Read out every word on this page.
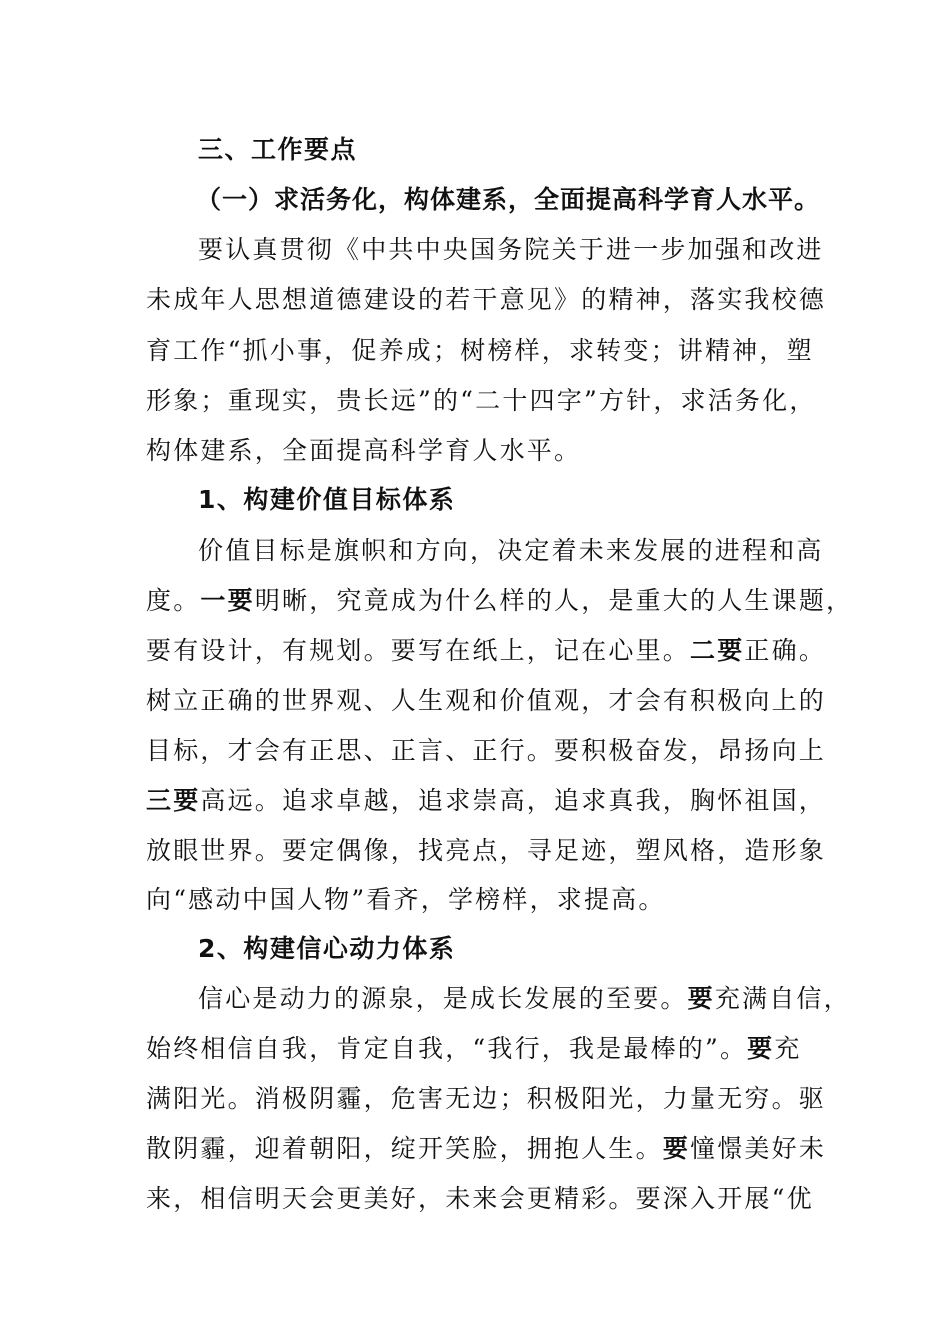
三、工作要点
（一）求活务化，构体建系，全面提高科学育人水平。
要认真贯彻《中共中央国务院关于进一步加强和改进
未成年人思想道德建设的若干意见》的精神，落实我校德
育工作“抓小事，促养成；树榜样，求转变；讲精神，塑
形象；重现实，贵长远”的“二十四字”方针，求活务化，
构体建系，全面提高科学育人水平。
1、构建价值目标体系
价值目标是旗帜和方向，决定着未来发展的进程和高
度。一要明晰，究竟成为什么样的人，是重大的人生课题，
要有设计，有规划。要写在纸上，记在心里。二要正确。
树立正确的世界观、人生观和价值观，才会有积极向上的
目标，才会有正思、正言、正行。要积极奋发，昂扬向上
三要高远。追求卓越，追求崇高，追求真我，胸怀祖国，
放眼世界。要定偶像，找亮点，寻足迹，塑风格，造形象
向“感动中国人物”看齐，学榜样，求提高。
2、构建信心动力体系
信心是动力的源泉，是成长发展的至要。要充满自信，
始终相信自我，肯定自我，“我行，我是最棒的”。要充
满阳光。消极阴霾，危害无边；积极阳光，力量无穷。驱
散阴霾，迎着朝阳，绽开笑脸，拥抱人生。要憧憬美好未
来，相信明天会更美好，未来会更精彩。要深入开展“优
